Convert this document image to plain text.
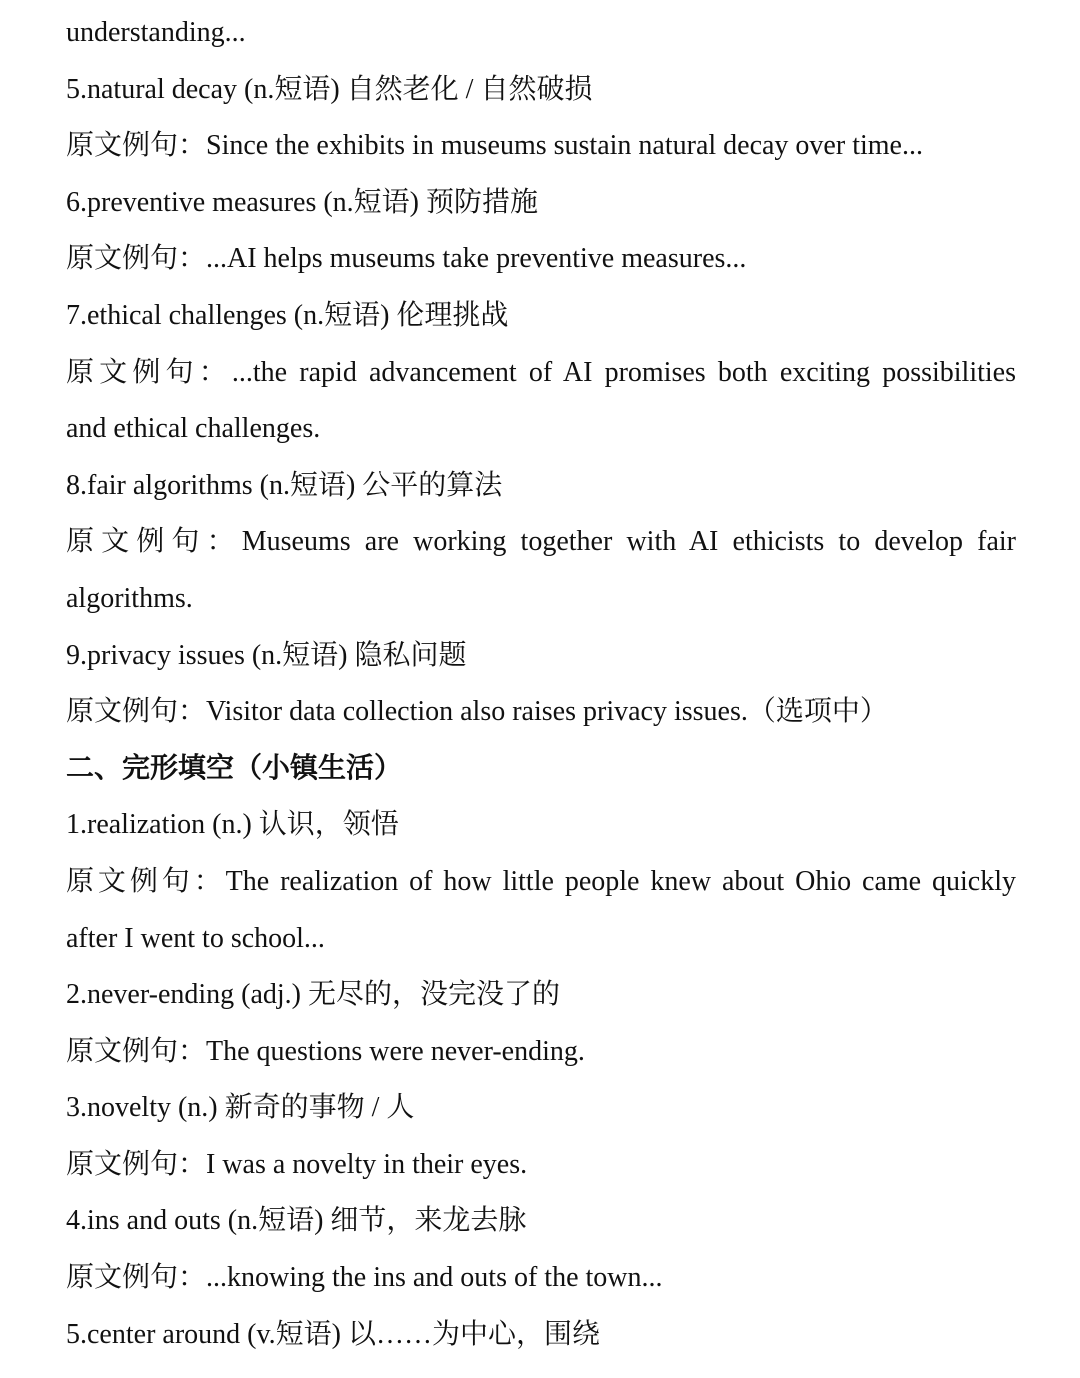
understanding...
5.natural decay (n.短语) 自然老化 / 自然破损
原文例句：Since the exhibits in museums sustain natural decay over time...
6.preventive measures (n.短语) 预防措施
原文例句：...AI helps museums take preventive measures...
7.ethical challenges (n.短语) 伦理挑战
原文例句：...the rapid advancement of AI promises both exciting possibilities
and ethical challenges.
8.fair algorithms (n.短语) 公平的算法
原文例句：Museums are working together with AI ethicists to develop fair
algorithms.
9.privacy issues (n.短语) 隐私问题
原文例句：Visitor data collection also raises privacy issues.（选项中）
二、完形填空（小镇生活）
1.realization (n.) 认识，领悟
原文例句：The realization of how little people knew about Ohio came quickly
after I went to school...
2.never-ending (adj.) 无尽的，没完没了的
原文例句：The questions were never-ending.
3.novelty (n.) 新奇的事物 / 人
原文例句：I was a novelty in their eyes.
4.ins and outs (n.短语) 细节，来龙去脉
原文例句：...knowing the ins and outs of the town...
5.center around (v.短语) 以……为中心，围绕
